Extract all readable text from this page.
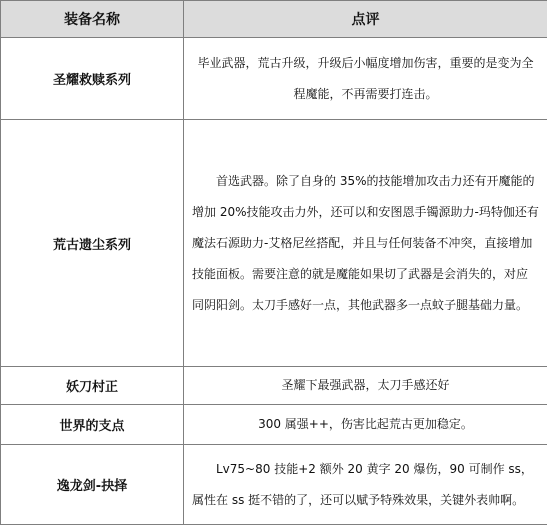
装备名称	点评
圣耀救赎系列	毕业武器，荒古升级，升级后小幅度增加伤害，重要的是变为全程魔能，不再需要打连击。
荒古遗尘系列	首选武器。除了自身的 35%的技能增加攻击力还有开魔能的增加 20%技能攻击力外，还可以和安图恩手镯源助力-玛特伽还有魔法石源助力-艾格尼丝搭配，并且与任何装备不冲突，直接增加技能面板。需要注意的就是魔能如果切了武器是会消失的，对应同阴阳剑。太刀手感好一点，其他武器多一点蚊子腿基础力量。
妖刀村正	圣耀下最强武器，太刀手感还好
世界的支点	300 属强++，伤害比起荒古更加稳定。
逸龙剑-抉择	Lv75~80 技能+2 额外 20 黄字 20 爆伤，90 可制作 ss，属性在 ss 挺不错的了，还可以赋予特殊效果，关键外表帅啊。
